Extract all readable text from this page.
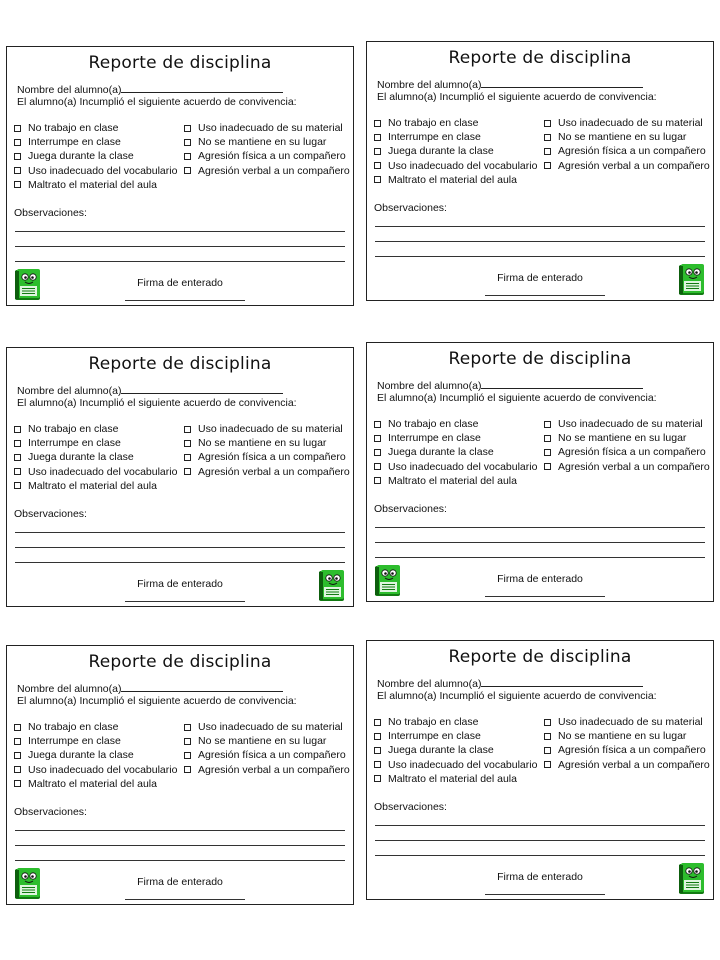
Reporte de disciplina
Nombre del alumno(a)
El alumno(a) Incumplió el siguiente acuerdo de convivencia:
No trabajo en clase
Interrumpe en clase
Juega durante la clase
Uso inadecuado del vocabulario
Maltrato el material del aula
Uso inadecuado de su material
No se mantiene en su lugar
Agresión física a un compañero
Agresión verbal a un compañero
Observaciones:
Firma de enterado
Reporte de disciplina
Nombre del alumno(a)
El alumno(a) Incumplió el siguiente acuerdo de convivencia:
No trabajo en clase
Interrumpe en clase
Juega durante la clase
Uso inadecuado del vocabulario
Maltrato el material del aula
Uso inadecuado de su material
No se mantiene en su lugar
Agresión física a un compañero
Agresión verbal a un compañero
Observaciones:
Firma de enterado
Reporte de disciplina
Nombre del alumno(a)
El alumno(a) Incumplió el siguiente acuerdo de convivencia:
No trabajo en clase
Interrumpe en clase
Juega durante la clase
Uso inadecuado del vocabulario
Maltrato el material del aula
Uso inadecuado de su material
No se mantiene en su lugar
Agresión física a un compañero
Agresión verbal a un compañero
Observaciones:
Firma de enterado
Reporte de disciplina
Nombre del alumno(a)
El alumno(a) Incumplió el siguiente acuerdo de convivencia:
No trabajo en clase
Interrumpe en clase
Juega durante la clase
Uso inadecuado del vocabulario
Maltrato el material del aula
Uso inadecuado de su material
No se mantiene en su lugar
Agresión física a un compañero
Agresión verbal a un compañero
Observaciones:
Firma de enterado
Reporte de disciplina
Nombre del alumno(a)
El alumno(a) Incumplió el siguiente acuerdo de convivencia:
No trabajo en clase
Interrumpe en clase
Juega durante la clase
Uso inadecuado del vocabulario
Maltrato el material del aula
Uso inadecuado de su material
No se mantiene en su lugar
Agresión física a un compañero
Agresión verbal a un compañero
Observaciones:
Firma de enterado
Reporte de disciplina
Nombre del alumno(a)
El alumno(a) Incumplió el siguiente acuerdo de convivencia:
No trabajo en clase
Interrumpe en clase
Juega durante la clase
Uso inadecuado del vocabulario
Maltrato el material del aula
Uso inadecuado de su material
No se mantiene en su lugar
Agresión física a un compañero
Agresión verbal a un compañero
Observaciones:
Firma de enterado
